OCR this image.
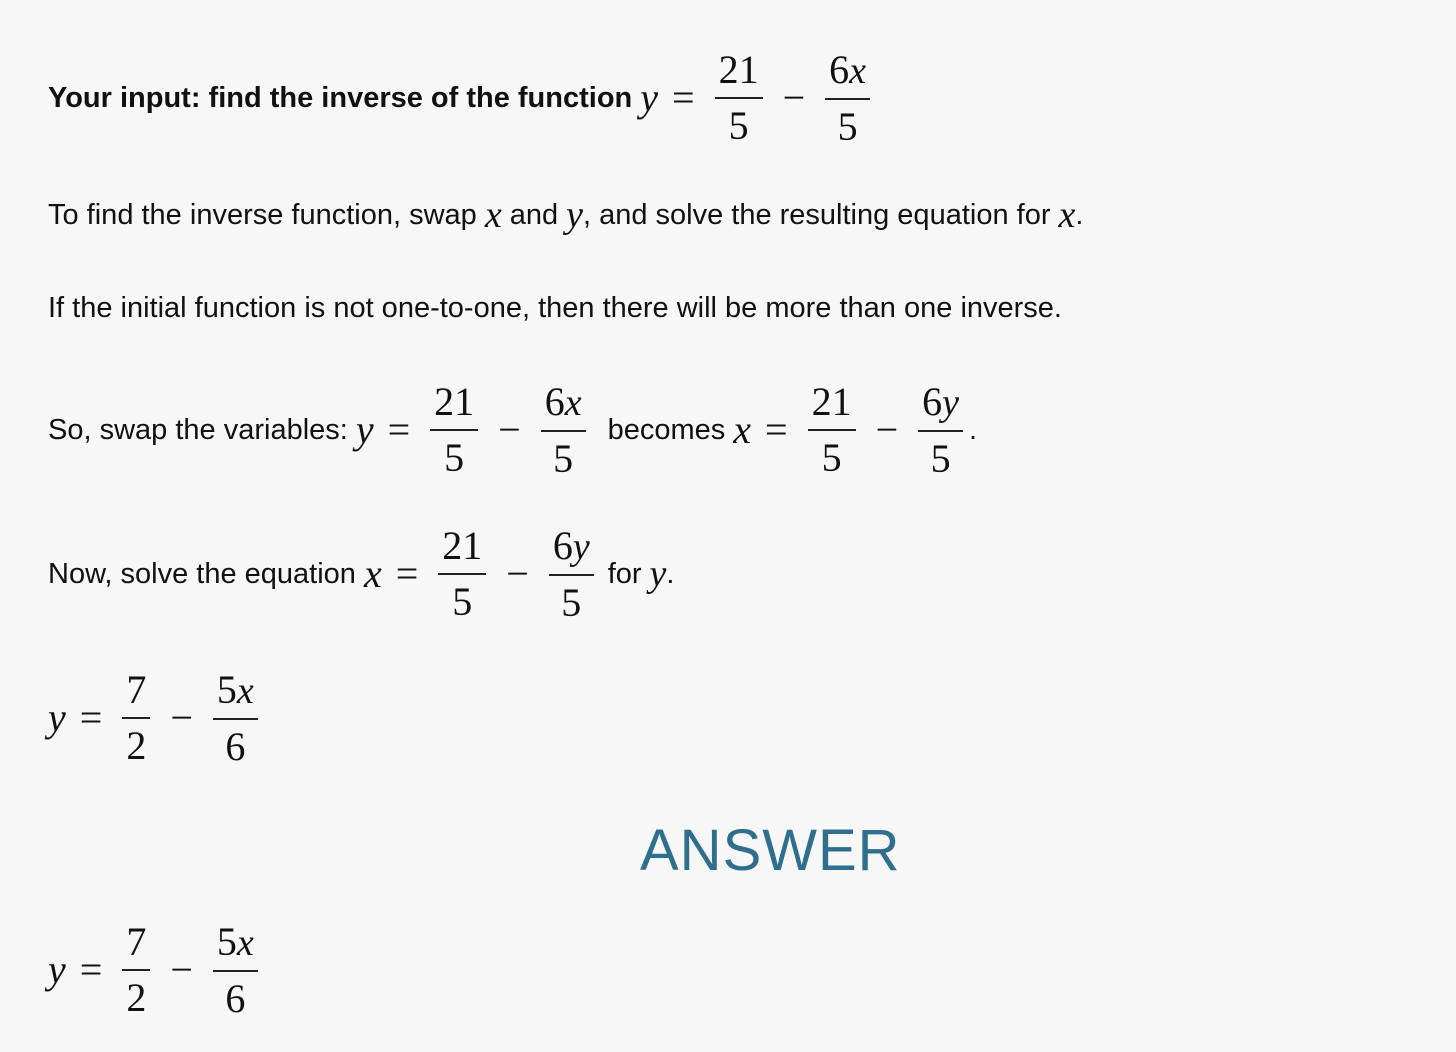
Your input: find the inverse of the function $y = \frac{21}{5} - \frac{6x}{5}$
To find the inverse function, swap x and y , and solve the resulting equation for x .
If the initial function is not one-to-one, then there will be more than one inverse.
So, swap the variables: $y = \frac{21}{5} - \frac{6x}{5}$ becomes $x = \frac{21}{5} - \frac{6y}{5}$ .
Now, solve the equation $x = \frac{21}{5} - \frac{6y}{5}$ for y .
$y = \frac{7}{2} - \frac{5x}{6}$
ANSWER
$y = \frac{7}{2} - \frac{5x}{6}$
